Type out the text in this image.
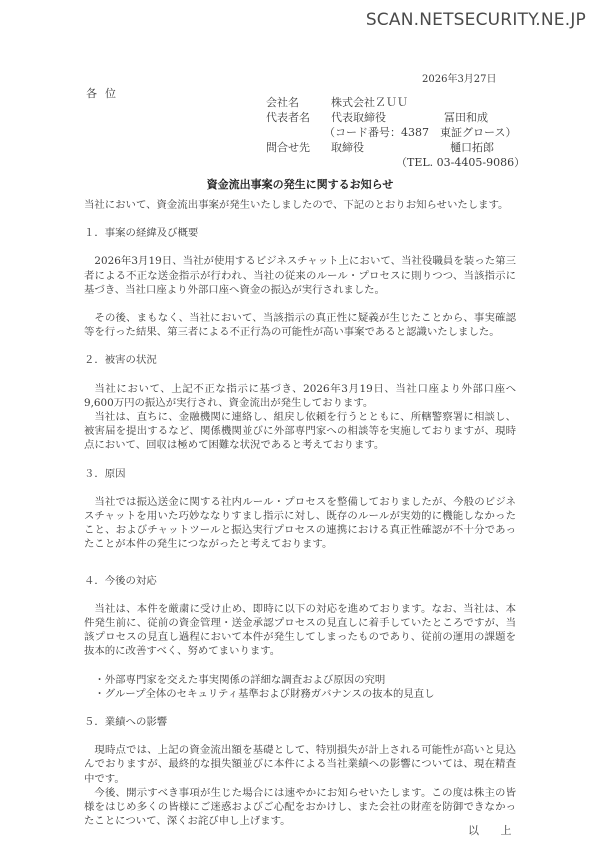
SCAN.NETSECURITY.NE.JP
2026年3月27日
各位
会社名	株式会社ＺＵＵ
代表者名 代表取締役	冨田和成
（コード番号：4387　東証グロース）
問合せ先 取締役	樋口拓郎
（TEL. 03-4405-9086）
資金流出事案の発生に関するお知らせ

当社において、資金流出事案が発生いたしましたので、下記のとおりお知らせいたします。

１．事案の経緯及び概要

2026年3月19日、当社が使用するビジネスチャット上において、当社役職員を装った第三者による不正な送金指示が行われ、当社の従来のルール・プロセスに則りつつ、当該指示に基づき、当社口座より外部口座へ資金の振込が実行されました。

その後、まもなく、当社において、当該指示の真正性に疑義が生じたことから、事実確認等を行った結果、第三者による不正行為の可能性が高い事案であると認識いたしました。

２．被害の状況

当社において、上記不正な指示に基づき、2026年3月19日、当社口座より外部口座へ9,600万円の振込が実行され、資金流出が発生しております。

当社は、直ちに、金融機関に連絡し、組戻し依頼を行うとともに、所轄警察署に相談し、被害届を提出するなど、関係機関並びに外部専門家への相談等を実施しておりますが、現時点において、回収は極めて困難な状況であると考えております。

３．原因

当社では振込送金に関する社内ルール・プロセスを整備しておりましたが、今般のビジネスチャットを用いた巧妙ななりすまし指示に対し、既存のルールが実効的に機能しなかったこと、およびチャットツールと振込実行プロセスの連携における真正性確認が不十分であったことが本件の発生につながったと考えております。

４．今後の対応

当社は、本件を厳粛に受け止め、即時に以下の対応を進めております。なお、当社は、本件発生前に、従前の資金管理・送金承認プロセスの見直しに着手していたところですが、当該プロセスの見直し過程において本件が発生してしまったものであり、従前の運用の課題を抜本的に改善すべく、努めてまいります。

・外部専門家を交えた事実関係の詳細な調査および原因の究明
・グループ全体のセキュリティ基準および財務ガバナンスの抜本的見直し

５．業績への影響

現時点では、上記の資金流出額を基礎として、特別損失が計上される可能性が高いと見込んでおりますが、最終的な損失額並びに本件による当社業績への影響については、現在精査中です。

今後、開示すべき事項が生じた場合には速やかにお知らせいたします。この度は株主の皆様をはじめ多くの皆様にご迷惑およびご心配をおかけし、また会社の財産を防御できなかったことについて、深くお詫び申し上げます。

以 上
